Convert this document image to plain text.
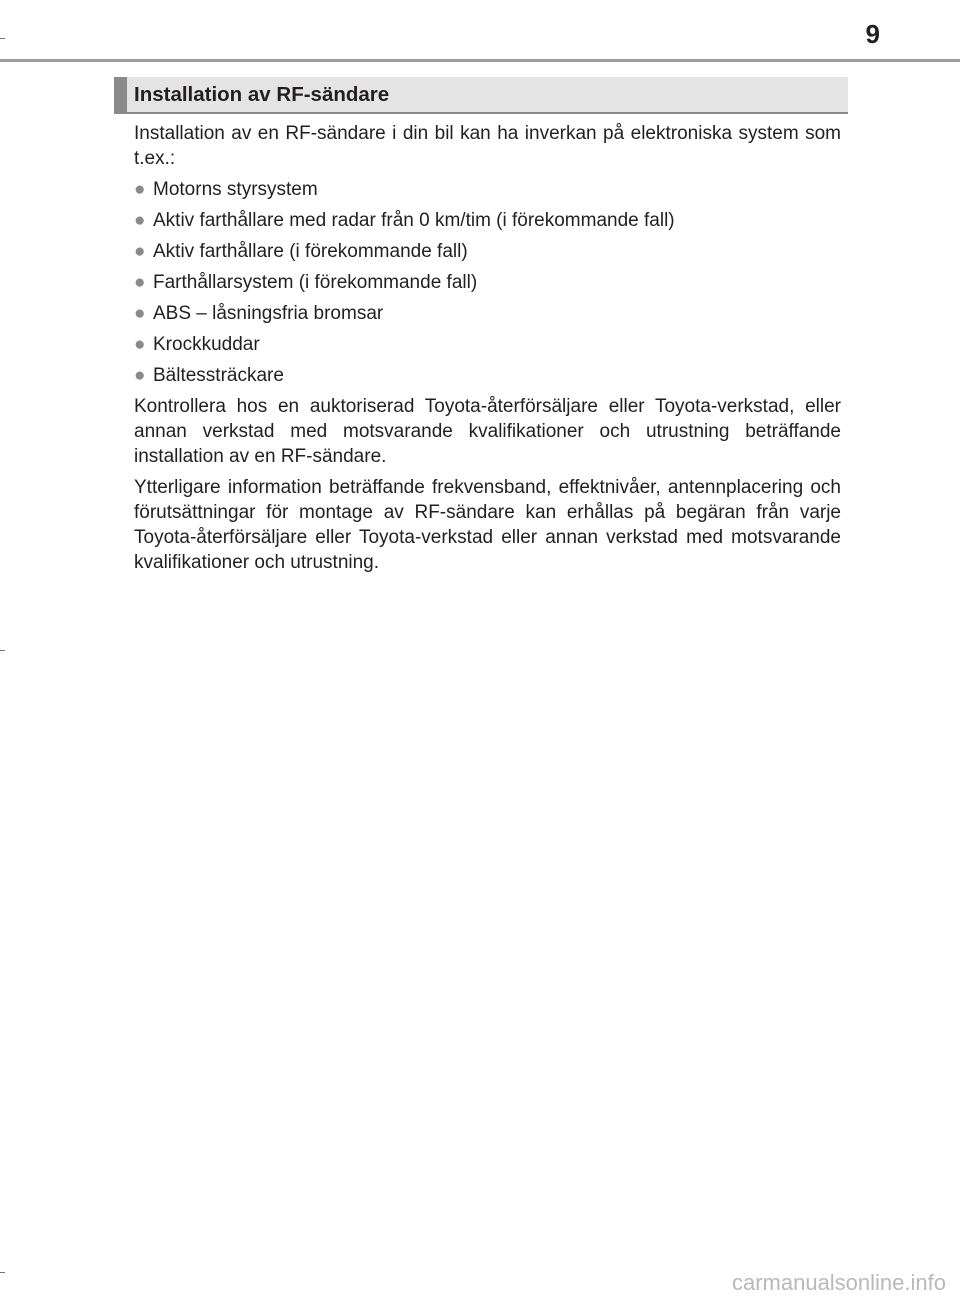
9
Installation av RF-sändare

Installation av en RF-sändare i din bil kan ha inverkan på elektroniska system som t.ex.:

● Motorns styrsystem
● Aktiv farthållare med radar från 0 km/tim (i förekommande fall)
● Aktiv farthållare (i förekommande fall)
● Farthållarsystem (i förekommande fall)
● ABS – låsningsfria bromsar
● Krockkuddar
● Bältessträckare

Kontrollera hos en auktoriserad Toyota-återförsäljare eller Toyota-verkstad, eller annan verkstad med motsvarande kvalifikationer och utrustning beträffande installation av en RF-sändare.

Ytterligare information beträffande frekvensband, effektnivåer, antennplacering och förutsättningar för montage av RF-sändare kan erhållas på begäran från varje Toyota-återförsäljare eller Toyota-verkstad eller annan verkstad med motsvarande kvalifikationer och utrustning.

carmanualsonline.info
